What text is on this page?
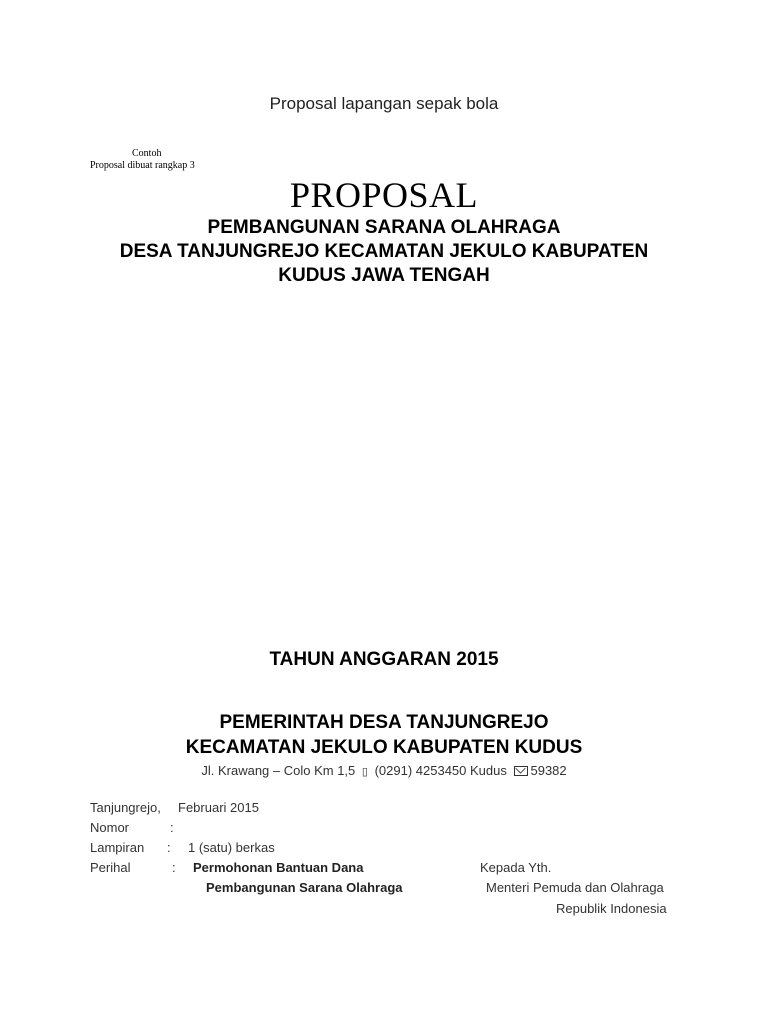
Proposal lapangan sepak bola
Contoh
Proposal dibuat rangkap 3
PROPOSAL
PEMBANGUNAN SARANA OLAHRAGA
DESA TANJUNGREJO KECAMATAN JEKULO KABUPATEN
KUDUS JAWA TENGAH
TAHUN ANGGARAN 2015
PEMERINTAH DESA TANJUNGREJO
KECAMATAN JEKULO KABUPATEN KUDUS
Jl. Krawang – Colo Km 1,5 ▯ (0291) 4253450 Kudus 59382
Tanjungrejo, Februari 2015
Nomor	:
Lampiran : 1 (satu) berkas
Perihal	: Permohonan Bantuan Dana
Pembangunan Sarana Olahraga
Kepada Yth.
Menteri Pemuda dan Olahraga
Republik Indonesia
